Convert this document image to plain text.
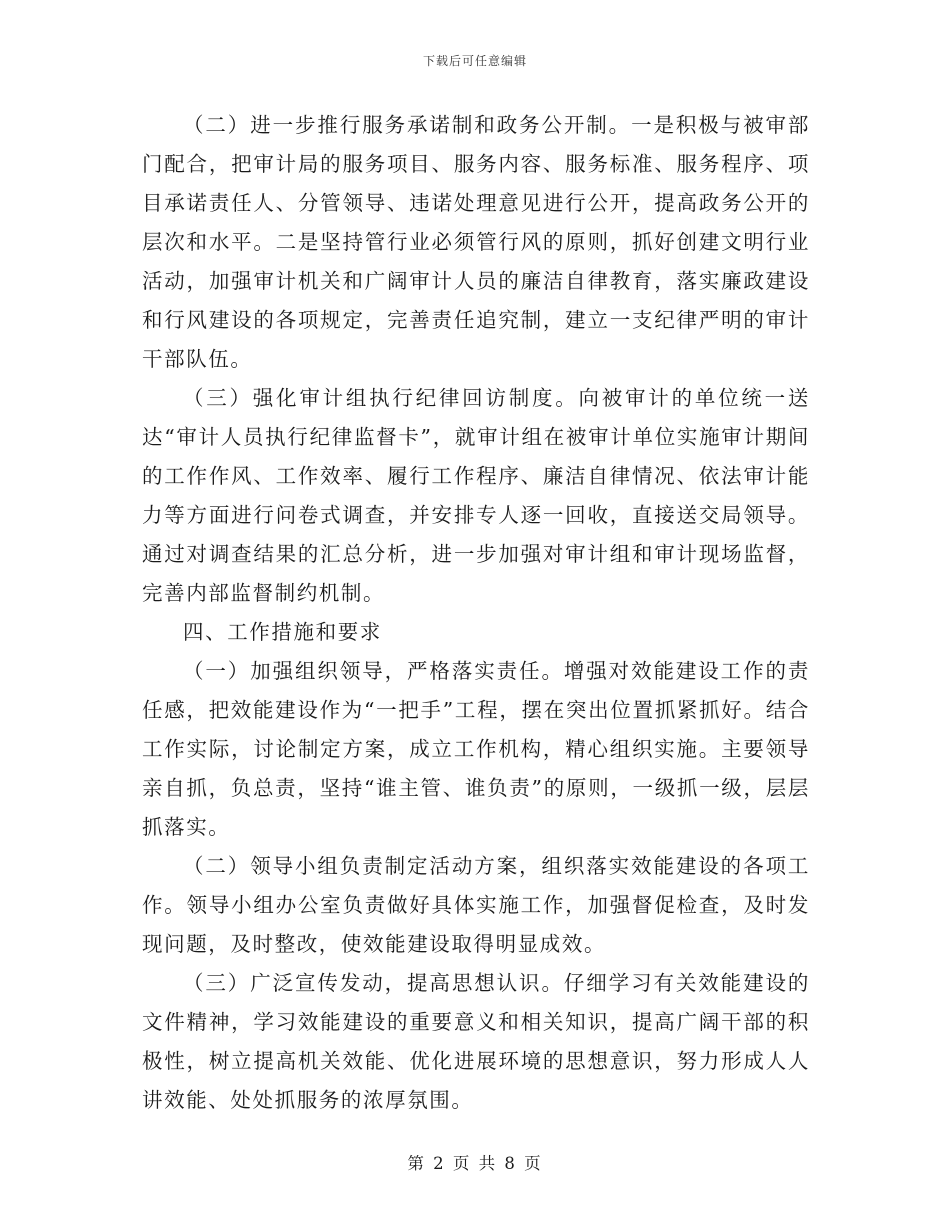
下载后可任意编辑

（二）进一步推行服务承诺制和政务公开制。一是积极与被审部门配合，把审计局的服务项目、服务内容、服务标准、服务程序、项目承诺责任人、分管领导、违诺处理意见进行公开，提高政务公开的层次和水平。二是坚持管行业必须管行风的原则，抓好创建文明行业活动，加强审计机关和广阔审计人员的廉洁自律教育，落实廉政建设和行风建设的各项规定，完善责任追究制，建立一支纪律严明的审计干部队伍。

（三）强化审计组执行纪律回访制度。向被审计的单位统一送达“审计人员执行纪律监督卡”，就审计组在被审计单位实施审计期间的工作作风、工作效率、履行工作程序、廉洁自律情况、依法审计能力等方面进行问卷式调查，并安排专人逐一回收，直接送交局领导。通过对调查结果的汇总分析，进一步加强对审计组和审计现场监督，完善内部监督制约机制。

四、工作措施和要求

（一）加强组织领导，严格落实责任。增强对效能建设工作的责任感，把效能建设作为“一把手”工程，摆在突出位置抓紧抓好。结合工作实际，讨论制定方案，成立工作机构，精心组织实施。主要领导亲自抓，负总责，坚持“谁主管、谁负责”的原则，一级抓一级，层层抓落实。

（二）领导小组负责制定活动方案，组织落实效能建设的各项工作。领导小组办公室负责做好具体实施工作，加强督促检查，及时发现问题，及时整改，使效能建设取得明显成效。

（三）广泛宣传发动，提高思想认识。仔细学习有关效能建设的文件精神，学习效能建设的重要意义和相关知识，提高广阔干部的积极性，树立提高机关效能、优化进展环境的思想意识，努力形成人人讲效能、处处抓服务的浓厚氛围。

第 2 页 共 8 页
